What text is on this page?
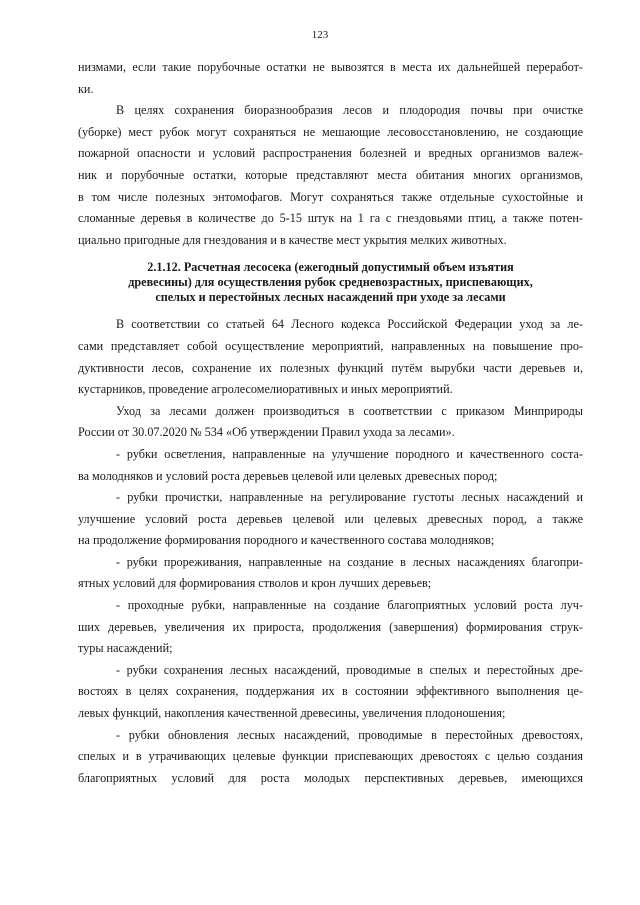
123
низмами, если такие порубочные остатки не вывозятся в места их дальнейшей переработ-
ки.
В целях сохранения биоразнообразия лесов и плодородия почвы при очистке
(уборке) мест рубок могут сохраняться не мешающие лесовосстановлению, не создающие
пожарной опасности и условий распространения болезней и вредных организмов валеж-
ник и порубочные остатки, которые представляют места обитания многих организмов,
в том числе полезных энтомофагов. Могут сохраняться также отдельные сухостойные и
сломанные деревья в количестве до 5-15 штук на 1 га с гнездовьями птиц, а также потен-
циально пригодные для гнездования и в качестве мест укрытия мелких животных.
2.1.12. Расчетная лесосека (ежегодный допустимый объем изъятия
древесины) для осуществления рубок средневозрастных, приспевающих,
спелых и перестойных лесных насаждений при уходе за лесами
В соответствии со статьей 64 Лесного кодекса Российской Федерации уход за ле-
сами представляет собой осуществление мероприятий, направленных на повышение про-
дуктивности лесов, сохранение их полезных функций путём вырубки части деревьев и,
кустарников, проведение агролесомелиоративных и иных мероприятий.
Уход за лесами должен производиться в соответствии с приказом Минприроды
России от 30.07.2020 № 534 «Об утверждении Правил ухода за лесами».
- рубки осветления, направленные на улучшение породного и качественного соста-
ва молодняков и условий роста деревьев целевой или целевых древесных пород;
- рубки прочистки, направленные на регулирование густоты лесных насаждений и
улучшение условий роста деревьев целевой или целевых древесных пород, а также
на продолжение формирования породного и качественного состава молодняков;
- рубки прореживания, направленные на создание в лесных насаждениях благопри-
ятных условий для формирования стволов и крон лучших деревьев;
- проходные рубки, направленные на создание благоприятных условий роста луч-
ших деревьев, увеличения их прироста, продолжения (завершения) формирования струк-
туры насаждений;
- рубки сохранения лесных насаждений, проводимые в спелых и перестойных дре-
востоях в целях сохранения, поддержания их в состоянии эффективного выполнения це-
левых функций, накопления качественной древесины, увеличения плодоношения;
- рубки обновления лесных насаждений, проводимые в перестойных древостоях,
спелых и в утрачивающих целевые функции приспевающих древостоях с целью создания
благоприятных условий для роста молодых перспективных деревьев, имеющихся
